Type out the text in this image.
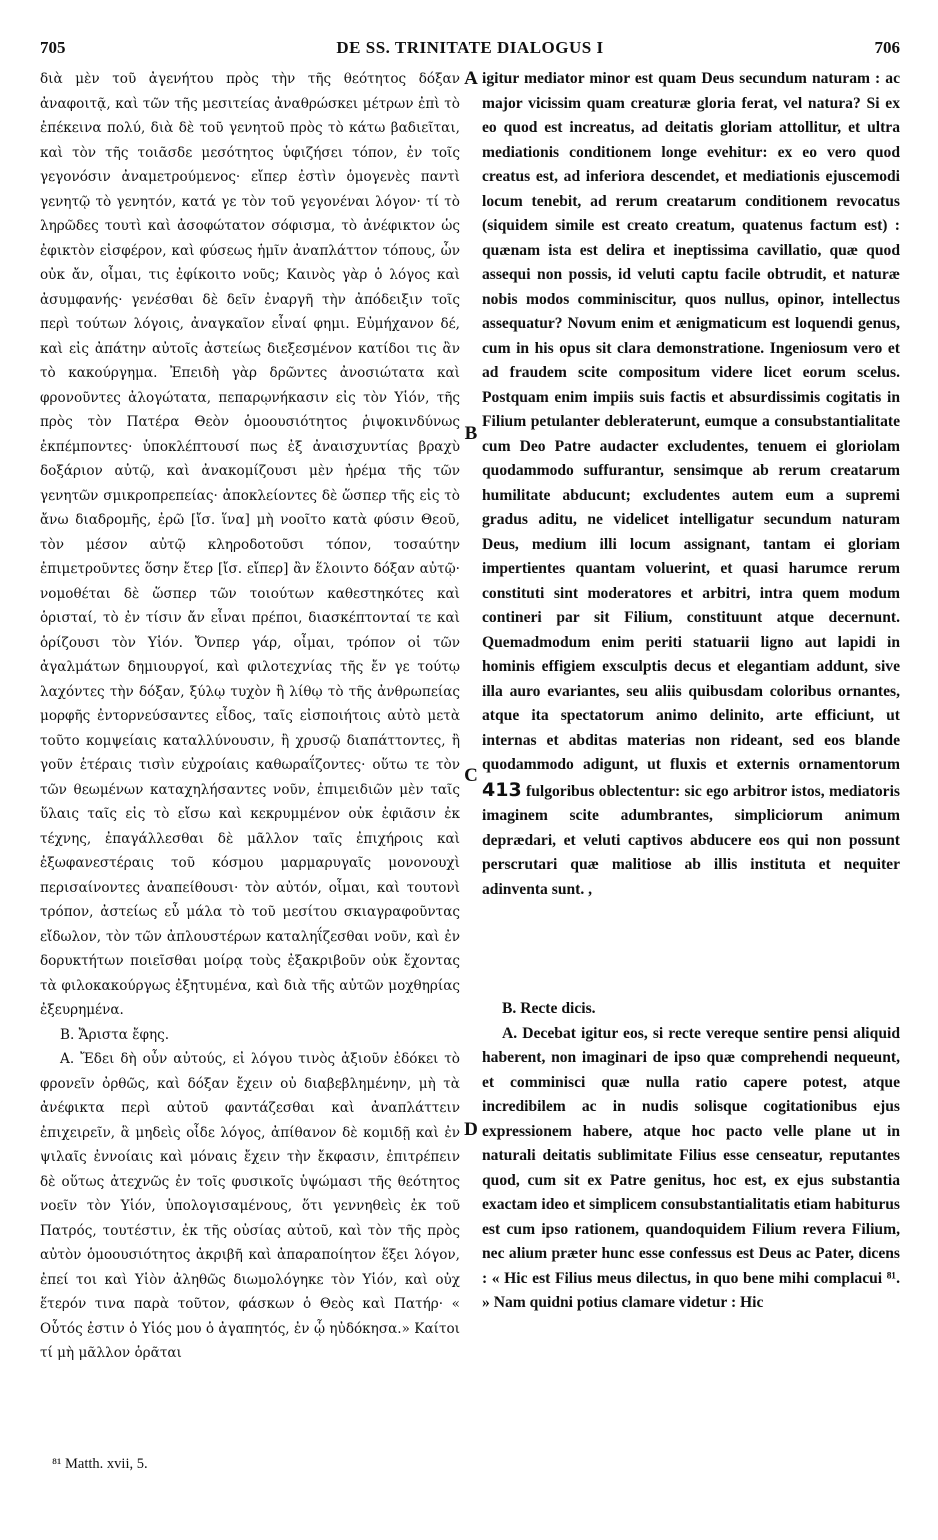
705	DE SS. TRINITATE DIALOGUS I	706
A
B
C
D

διὰ μὲν τοῦ ἀγενήτου πρὸς τὴν τῆς θεότητος δόξαν ἀναφοιτᾷ, καὶ τῶν τῆς μεσιτείας ἀναθρώσκει μέτρων ἐπὶ τὸ ἐπέκεινα πολύ, διὰ δὲ τοῦ γενητοῦ πρὸς τὸ κάτω βαδιεῖται, καὶ τὸν τῆς τοιᾶσδε μεσότητος ὑφιζήσει τόπον, ἐν τοῖς γεγονόσιν ἀναμετρούμενος· εἴπερ ἐστὶν ὁμογενὲς παντὶ γενητῷ τὸ γενητόν, κατά γε τὸν τοῦ γεγονέναι λόγον· τί τὸ ληρῶδες τουτὶ καὶ ἀσοφώτατον σόφισμα, τὸ ἀνέφικτον ὡς ἐφικτὸν εἰσφέρον, καὶ φύσεως ἡμῖν ἀναπλάττον τόπους, ὧν οὐκ ἄν, οἶμαι, τις ἐφίκοιτο νοῦς; Καινὸς γὰρ ὁ λόγος καὶ ἀσυμφανής· γενέσθαι δὲ δεῖν ἐναργῆ τὴν ἀπόδειξιν τοῖς περὶ τούτων λόγοις, ἀναγκαῖον εἶναί φημι. Εὐμήχανον δέ, καὶ εἰς ἀπάτην αὐτοῖς ἀστείως διεξεσμένον κατίδοι τις ἂν τὸ κακούργημα. Ἐπειδὴ γὰρ δρῶντες ἀνοσιώτατα καὶ φρονοῦντες ἀλογώτατα, πεπαρῳνήκασιν εἰς τὸν Υἱόν, τῆς πρὸς τὸν Πατέρα Θεὸν ὁμοουσιότητος ῥιψοκινδύνως ἐκπέμποντες· ὑποκλέπτουσί πως ἐξ ἀναισχυντίας βραχὺ δοξάριον αὐτῷ, καὶ ἀνακομίζουσι μὲν ἠρέμα τῆς τῶν γενητῶν σμικροπρεπείας· ἀποκλείοντες δὲ ὥσπερ τῆς εἰς τὸ ἄνω διαδρομῆς, ἐρῶ [ἴσ. ἵνα] μὴ νοοῖτο κατὰ φύσιν Θεοῦ, τὸν μέσον αὐτῷ κληροδοτοῦσι τόπον, τοσαύτην ἐπιμετροῦντες ὅσην ἔτερ [ἴσ. εἴπερ] ἂν ἕλοιντο δόξαν αὐτῷ· νομοθέται δὲ ὥσπερ τῶν τοιούτων καθεστηκότες καὶ ὁρισταί, τὸ ἐν τίσιν ἄν εἶναι πρέποι, διασκέπτονταί τε καὶ ὁρίζουσι τὸν Υἱόν. Ὄνπερ γάρ, οἶμαι, τρόπον οἱ τῶν ἀγαλμάτων δημιουργοί, καὶ φιλοτεχνίας τῆς ἔν γε τούτῳ λαχόντες τὴν δόξαν, ξύλῳ τυχὸν ἢ λίθῳ τὸ τῆς ἀνθρωπείας μορφῆς ἐντορνεύσαντες εἶδος, ταῖς εἰσποιήτοις αὐτὸ μετὰ τοῦτο κομψείαις καταλλύνουσιν, ἢ χρυσῷ διαπάττοντες, ἢ γοῦν ἑτέραις τισὶν εὐχροίαις καθωραΐζοντες· οὕτω τε τὸν τῶν θεωμένων καταχηλήσαντες νοῦν, ἐπιμειδιῶν μὲν ταῖς ὕλαις ταῖς εἰς τὸ εἴσω καὶ κεκρυμμένον οὐκ ἐφιᾶσιν ἐκ τέχνης, ἐπαγάλλεσθαι δὲ μᾶλλον ταῖς ἐπιχήροις καὶ ἐξωφανεστέραις τοῦ κόσμου μαρμαρυγαῖς μονονουχὶ περισαίνοντες ἀναπείθουσι· τὸν αὐτόν, οἶμαι, καὶ τουτονὶ τρόπον, ἀστείως εὖ μάλα τὸ τοῦ μεσίτου σκιαγραφοῦντας εἴδωλον, τὸν τῶν ἀπλουστέρων καταληΐζεσθαι νοῦν, καὶ ἐν δορυκτήτων ποιεῖσθαι μοίρᾳ τοὺς ἐξακριβοῦν οὐκ ἔχοντας τὰ φιλοκακούργως ἐξητυμένα, καὶ διὰ τῆς αὐτῶν μοχθηρίας ἐξευρημένα.

Β. Ἄριστα ἔφης.

Α. Ἔδει δὴ οὖν αὐτούς, εἰ λόγου τινὸς ἀξιοῦν ἐδόκει τὸ φρονεῖν ὀρθῶς, καὶ δόξαν ἔχειν οὐ διαβεβλημένην, μὴ τὰ ἀνέφικτα περὶ αὐτοῦ φαντάζεσθαι καὶ ἀναπλάττειν ἐπιχειρεῖν, ἃ μηδεὶς οἶδε λόγος, ἀπίθανον δὲ κομιδῇ καὶ ἐν ψιλαῖς ἐννοίαις καὶ μόναις ἔχειν τὴν ἔκφασιν, ἐπιτρέπειν δὲ οὕτως ἀτεχνῶς ἐν τοῖς φυσικοῖς ὑψώμασι τῆς θεότητος νοεῖν τὸν Υἱόν, ὑπολογισαμένους, ὅτι γεννηθεὶς ἐκ τοῦ Πατρός, τουτέστιν, ἐκ τῆς οὐσίας αὐτοῦ, καὶ τὸν τῆς πρὸς αὐτὸν ὁμοουσιότητος ἀκριβῆ καὶ ἀπαραποίητον ἕξει λόγον, ἐπεί τοι καὶ Υἱὸν ἀληθῶς διωμολόγηκε τὸν Υἱόν, καὶ οὐχ ἕτερόν τινα παρὰ τοῦτον, φάσκων ὁ Θεὸς καὶ Πατήρ· « Οὗτός ἐστιν ὁ Υἱός μου ὁ ἀγαπητός, ἐν ᾧ ηὐδόκησα.» Καίτοι τί μὴ μᾶλλον ὁρᾶται

igitur mediator minor est quam Deus secundum naturam : ac major vicissim quam creaturæ gloria ferat, vel natura? Si ex eo quod est increatus, ad deitatis gloriam attollitur, et ultra mediationis conditionem longe evehitur: ex eo vero quod creatus est, ad inferiora descendet, et mediationis ejuscemodi locum tenebit, ad rerum creatarum conditionem revocatus (siquidem simile est creato creatum, quatenus factum est) : quænam ista est delira et ineptissima cavillatio, quæ quod assequi non possis, id veluti captu facile obtrudit, et naturæ nobis modos comminiscitur, quos nullus, opinor, intellectus assequatur? Novum enim et ænigmaticum est loquendi genus, cum in his opus sit clara demonstratione. Ingeniosum vero et ad fraudem scite compositum videre licet eorum scelus. Postquam enim impiis suis factis et absurdissimis cogitatis in Filium petulanter debleraterunt, eumque a consubstantialitate cum Deo Patre audacter excludentes, tenuem ei gloriolam quodammodo suffurantur, sensimque ab rerum creatarum humilitate abducunt; excludentes autem eum a supremi gradus aditu, ne videlicet intelligatur secundum naturam Deus, medium illi locum assignant, tantam ei gloriam impertientes quantam voluerint, et quasi harumce rerum constituti sint moderatores et arbitri, intra quem modum contineri par sit Filium, constituunt atque decernunt. Quemadmodum enim periti statuarii ligno aut lapidi in hominis effigiem exsculptis decus et elegantiam addunt, sive illa auro evariantes, seu aliis quibusdam coloribus ornantes, atque ita spectatorum animo delinito, arte efficiunt, ut internas et abditas materias non rideant, sed eos blande quodammodo adigunt, ut fluxis et externis ornamentorum 413 fulgoribus oblectentur: sic ego arbitror istos, mediatoris imaginem scite adumbrantes, simpliciorum animum deprædari, et veluti captivos abducere eos qui non possunt perscrutari quæ malitiose ab illis instituta et nequiter adinventa sunt. ,

B. Recte dicis.

A. Decebat igitur eos, si recte vereque sentire pensi aliquid haberent, non imaginari de ipso quæ comprehendi nequeunt, et comminisci quæ nulla ratio capere potest, atque incredibilem ac in nudis solisque cogitationibus ejus expressionem habere, atque hoc pacto velle plane ut in naturali deitatis sublimitate Filius esse censeatur, reputantes quod, cum sit ex Patre genitus, hoc est, ex ejus substantia exactam ideo et simplicem consubstantialitatis etiam habiturus est cum ipso rationem, quandoquidem Filium revera Filium, nec alium præter hunc esse confessus est Deus ac Pater, dicens : « Hic est Filius meus dilectus, in quo bene mihi complacui ⁸¹. » Nam quidni potius clamare videtur : Hic

⁸¹ Matth. xvii, 5.
